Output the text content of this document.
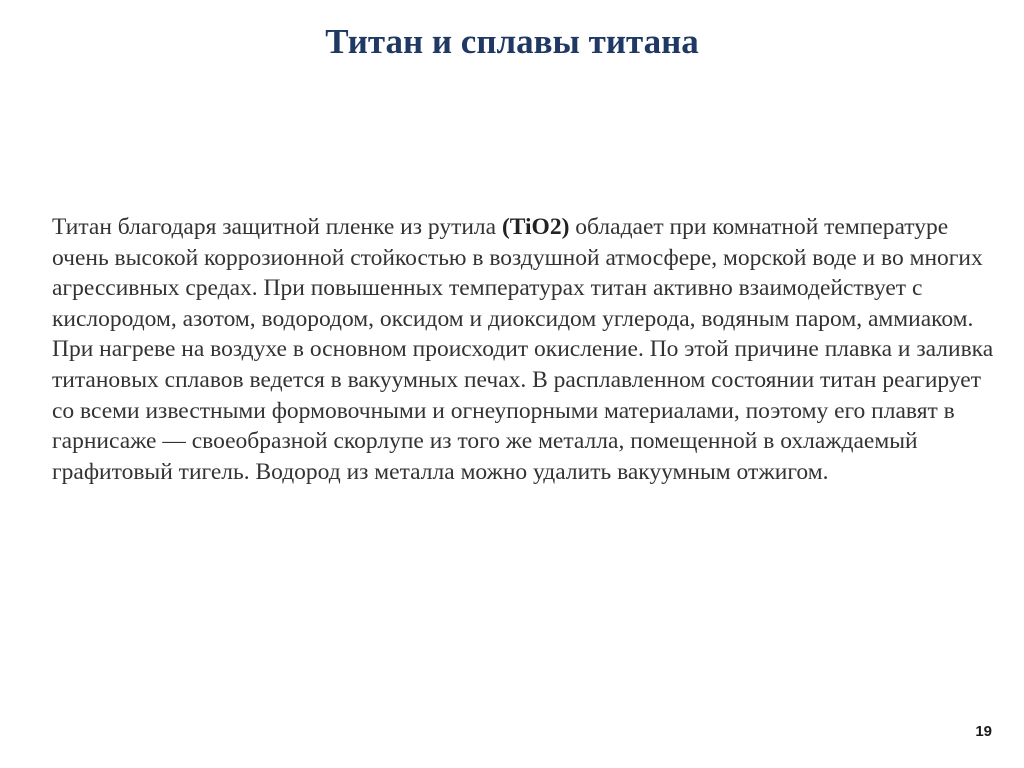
Титан и сплавы титана

Титан благодаря защитной пленке из рутила (TiO2) обладает при комнатной температуре очень высокой коррозионной стойкостью в воздушной атмосфере, морской воде и во многих агрессивных средах. При повышенных температурах титан активно взаимодействует с кислородом, азотом, водородом, оксидом и диоксидом углерода, водяным паром, аммиаком. При нагреве на воздухе в основном происходит окисление. По этой причине плавка и заливка титановых сплавов ведется в вакуумных печах. В расплавленном состоянии титан реагирует со всеми известными формовочными и огнеупорными материалами, поэтому его плавят в гарнисаже — своеобразной скорлупе из того же металла, помещенной в охлаждаемый графитовый тигель. Водород из металла можно удалить вакуумным отжигом.

19
